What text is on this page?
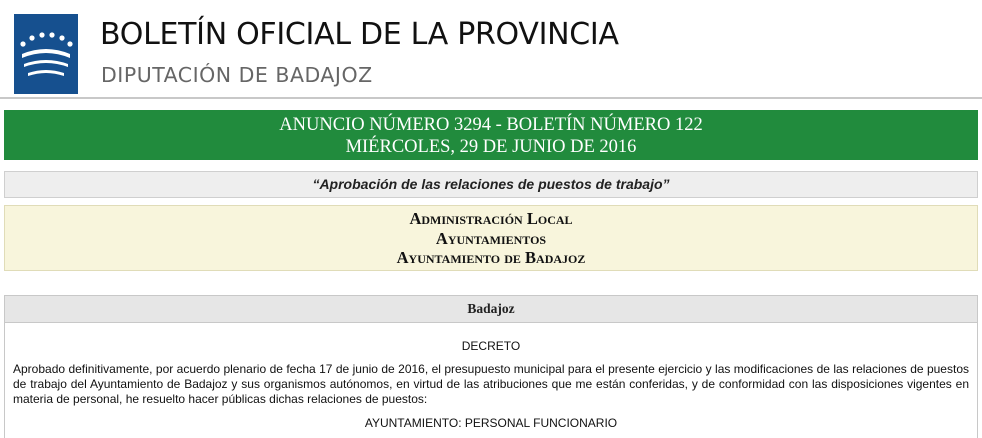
BOLETÍN OFICIAL DE LA PROVINCIA
DIPUTACIÓN DE BADAJOZ
ANUNCIO NÚMERO 3294 - BOLETÍN NÚMERO 122
MIÉRCOLES, 29 DE JUNIO DE 2016
“Aprobación de las relaciones de puestos de trabajo”
Administración Local
Ayuntamientos
Ayuntamiento de Badajoz
Badajoz
DECRETO
Aprobado definitivamente, por acuerdo plenario de fecha 17 de junio de 2016, el presupuesto municipal para el presente ejercicio y las modificaciones de las relaciones de puestos de trabajo del Ayuntamiento de Badajoz y sus organismos autónomos, en virtud de las atribuciones que me están conferidas, y de conformidad con las disposiciones vigentes en materia de personal, he resuelto hacer públicas dichas relaciones de puestos:
AYUNTAMIENTO: PERSONAL FUNCIONARIO
